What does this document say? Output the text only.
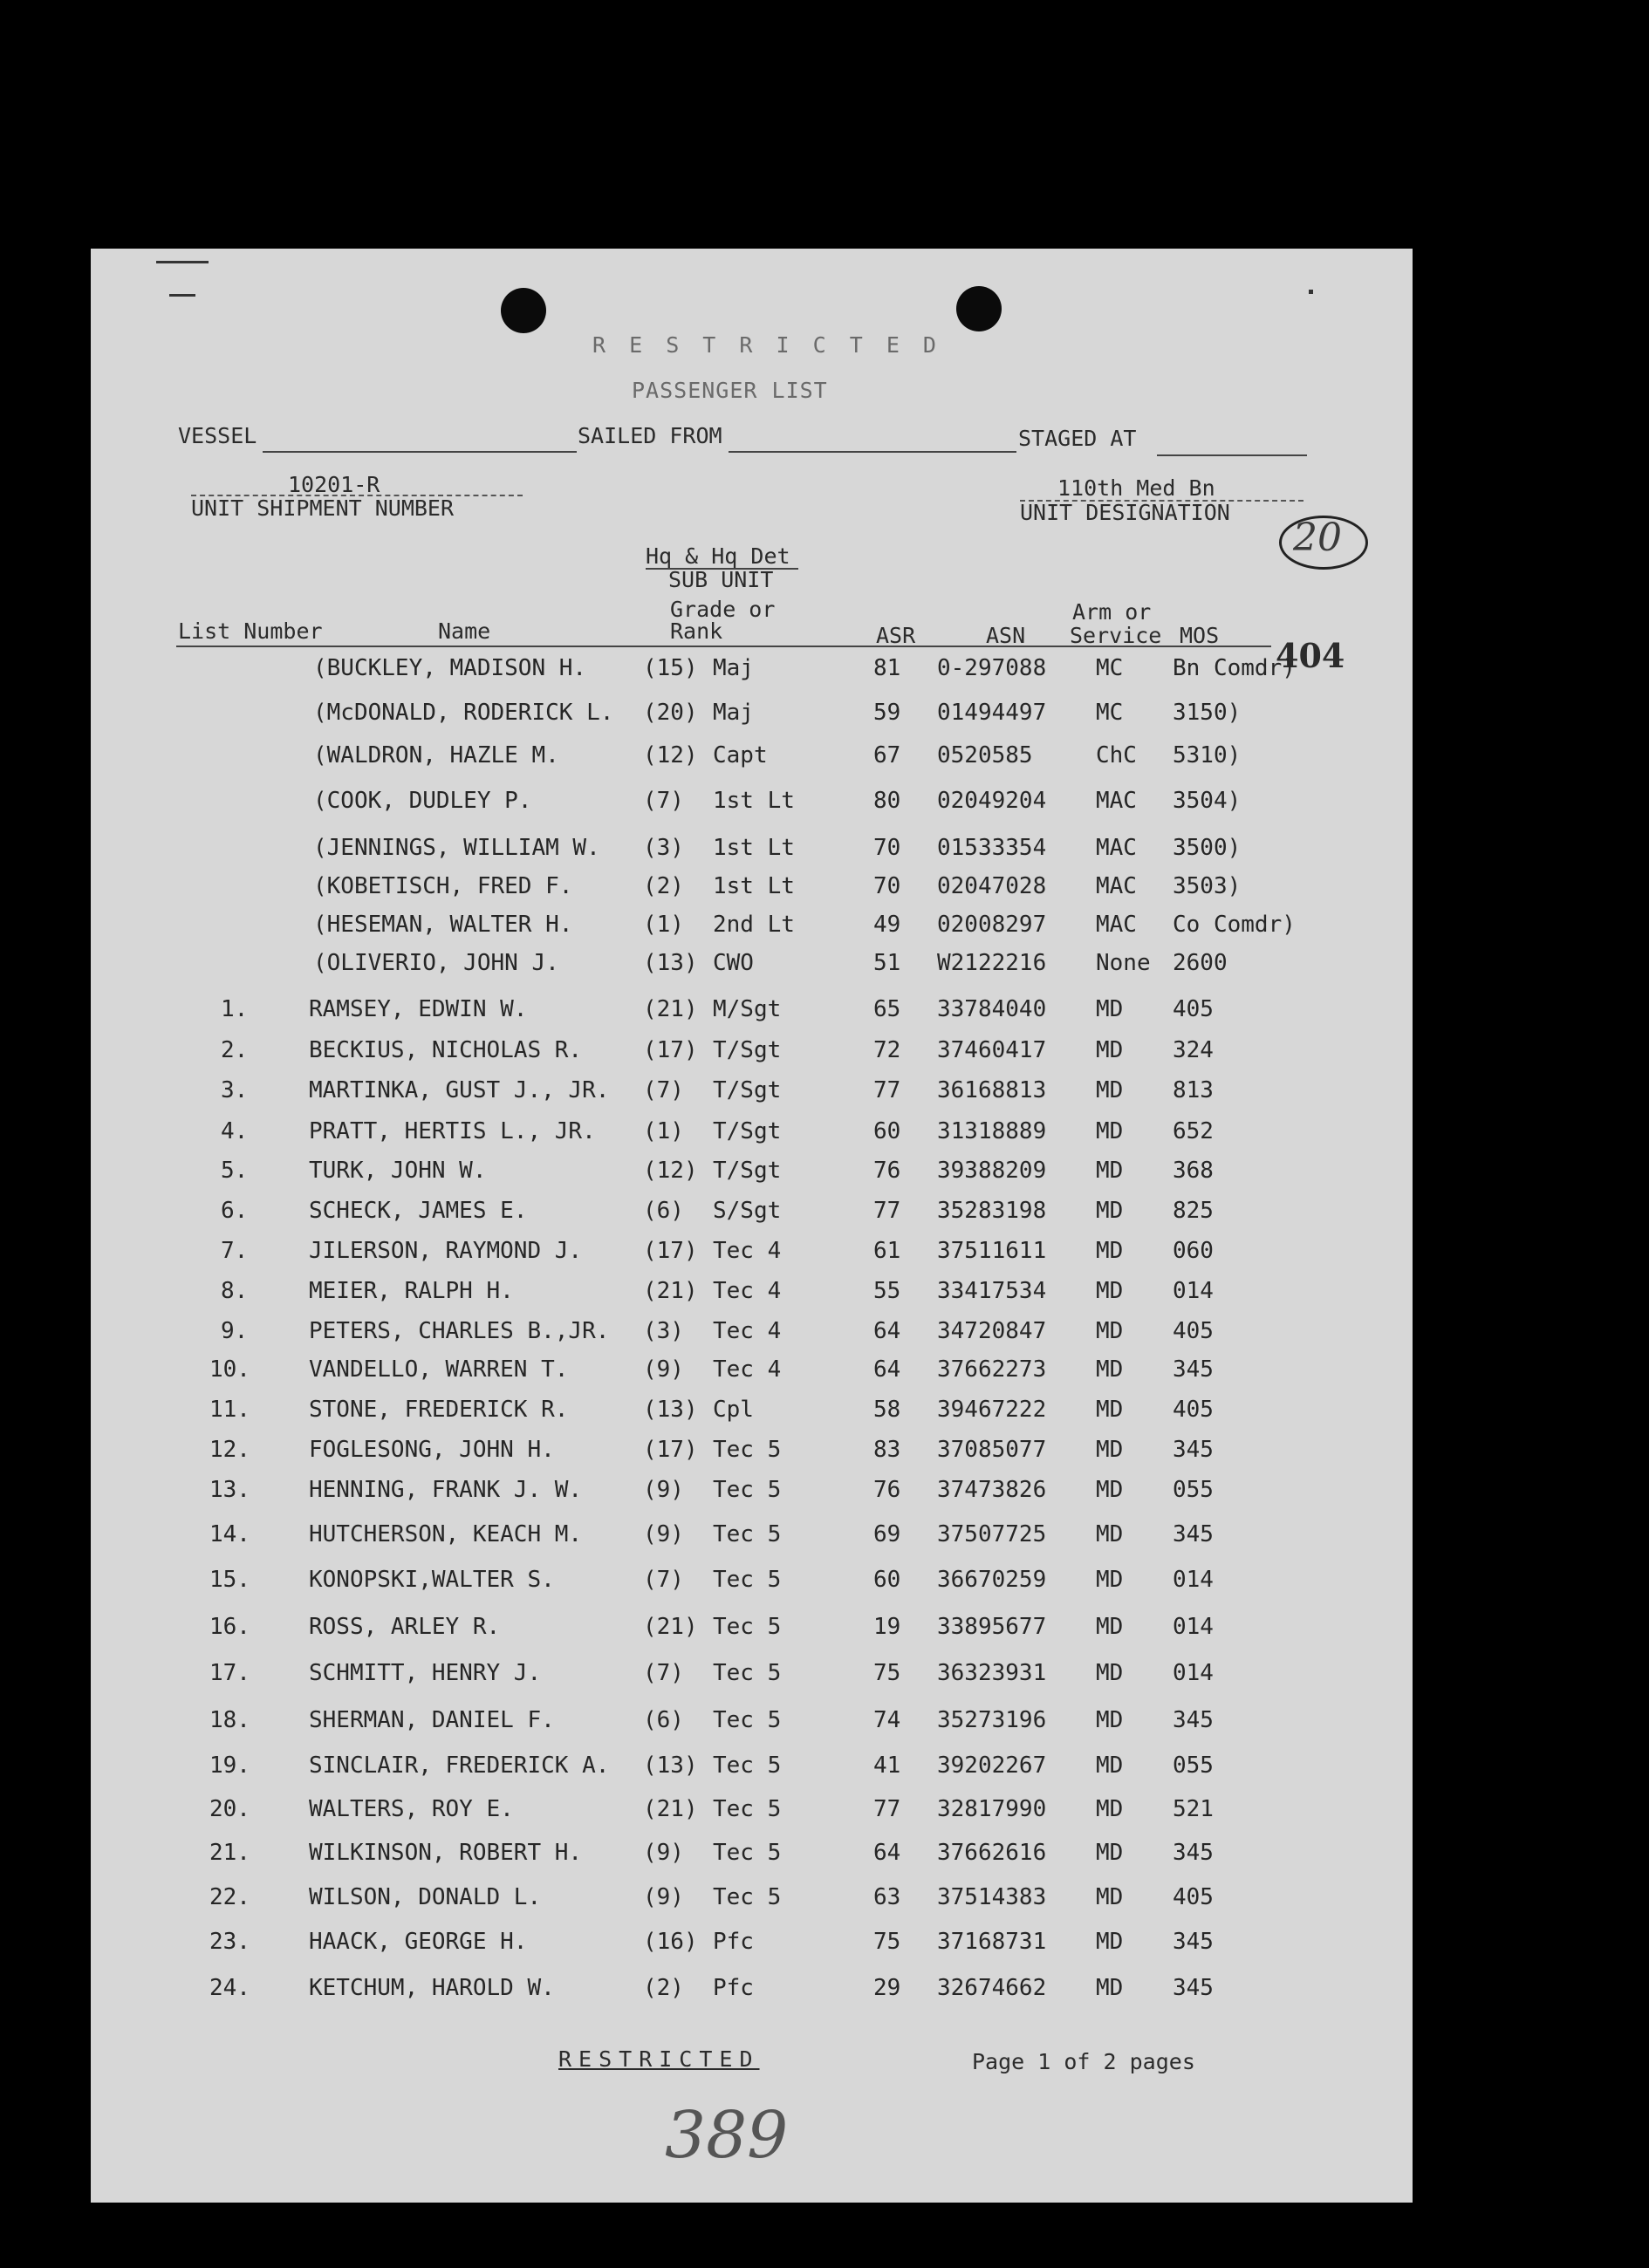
R E S T R I C T E D
PASSENGER LIST
VESSEL	SAILED FROM	STAGED AT
10201-R
UNIT SHIPMENT NUMBER
110th Med Bn
UNIT DESIGNATION
20
Hq & Hq Det
SUB UNIT
List Number	Name
Grade or
Rank	ASR	ASN
Arm or
Service MOS
404
(BUCKLEY, MADISON H. (15) Maj	81 0-297088 MC Bn Comdr)
(McDONALD, RODERICK L. (20) Maj	59 01494497 MC 3150)
(WALDRON, HAZLE M.	(12) Capt	67 0520585	ChC 5310)
(COOK, DUDLEY P.	(7) 1st Lt	80 02049204 MAC 3504)
(JENNINGS, WILLIAM W. (3) 1st Lt	70 01533354 MAC 3500)
(KOBETISCH, FRED F.	(2) 1st Lt	70 02047028 MAC 3503)
(HESEMAN, WALTER H.	(1) 2nd Lt	49 02008297 MAC Co Comdr)
(OLIVERIO, JOHN J.	(13) CWO	51 W2122216 None 2600
1.	RAMSEY, EDWIN W.	(21) M/Sgt	65 33784040 MD 405
2.	BECKIUS, NICHOLAS R.	(17) T/Sgt	72 37460417 MD 324
3.	MARTINKA, GUST J., JR. (7) T/Sgt	77 36168813 MD 813
4.	PRATT, HERTIS L., JR. (1) T/Sgt	60 31318889 MD 652
5.	TURK, JOHN W.	(12) T/Sgt	76 39388209 MD 368
6.	SCHECK, JAMES E.	(6) S/Sgt	77 35283198 MD 825
7.	JILERSON, RAYMOND J.	(17) Tec 4	61 37511611 MD 060
8.	MEIER, RALPH H.	(21) Tec 4	55 33417534 MD 014
9.	PETERS, CHARLES B.,JR. (3) Tec 4	64 34720847 MD 405
10.	VANDELLO, WARREN T.	(9) Tec 4	64 37662273 MD 345
11.	STONE, FREDERICK R.	(13) Cpl	58 39467222 MD 405
12.	FOGLESONG, JOHN H.	(17) Tec 5	83 37085077 MD 345
13.	HENNING, FRANK J. W.	(9) Tec 5	76 37473826 MD 055
14.	HUTCHERSON, KEACH M.	(9) Tec 5	69 37507725 MD 345
15.	KONOPSKI,WALTER S.	(7) Tec 5	60 36670259 MD 014
16.	ROSS, ARLEY R.	(21) Tec 5	19 33895677 MD 014
17.	SCHMITT, HENRY J.	(7) Tec 5	75 36323931 MD 014
18.	SHERMAN, DANIEL F.	(6) Tec 5	74 35273196 MD 345
19.	SINCLAIR, FREDERICK A. (13) Tec 5	41 39202267 MD 055
20.	WALTERS, ROY E.	(21) Tec 5	77 32817990 MD 521
21.	WILKINSON, ROBERT H.	(9) Tec 5	64 37662616 MD 345
22.	WILSON, DONALD L.	(9) Tec 5	63 37514383 MD 405
23.	HAACK, GEORGE H.	(16) Pfc	75 37168731 MD 345
24.	KETCHUM, HAROLD W.	(2) Pfc	29 32674662 MD 345
RESTRICTED	Page 1 of 2 pages
389
